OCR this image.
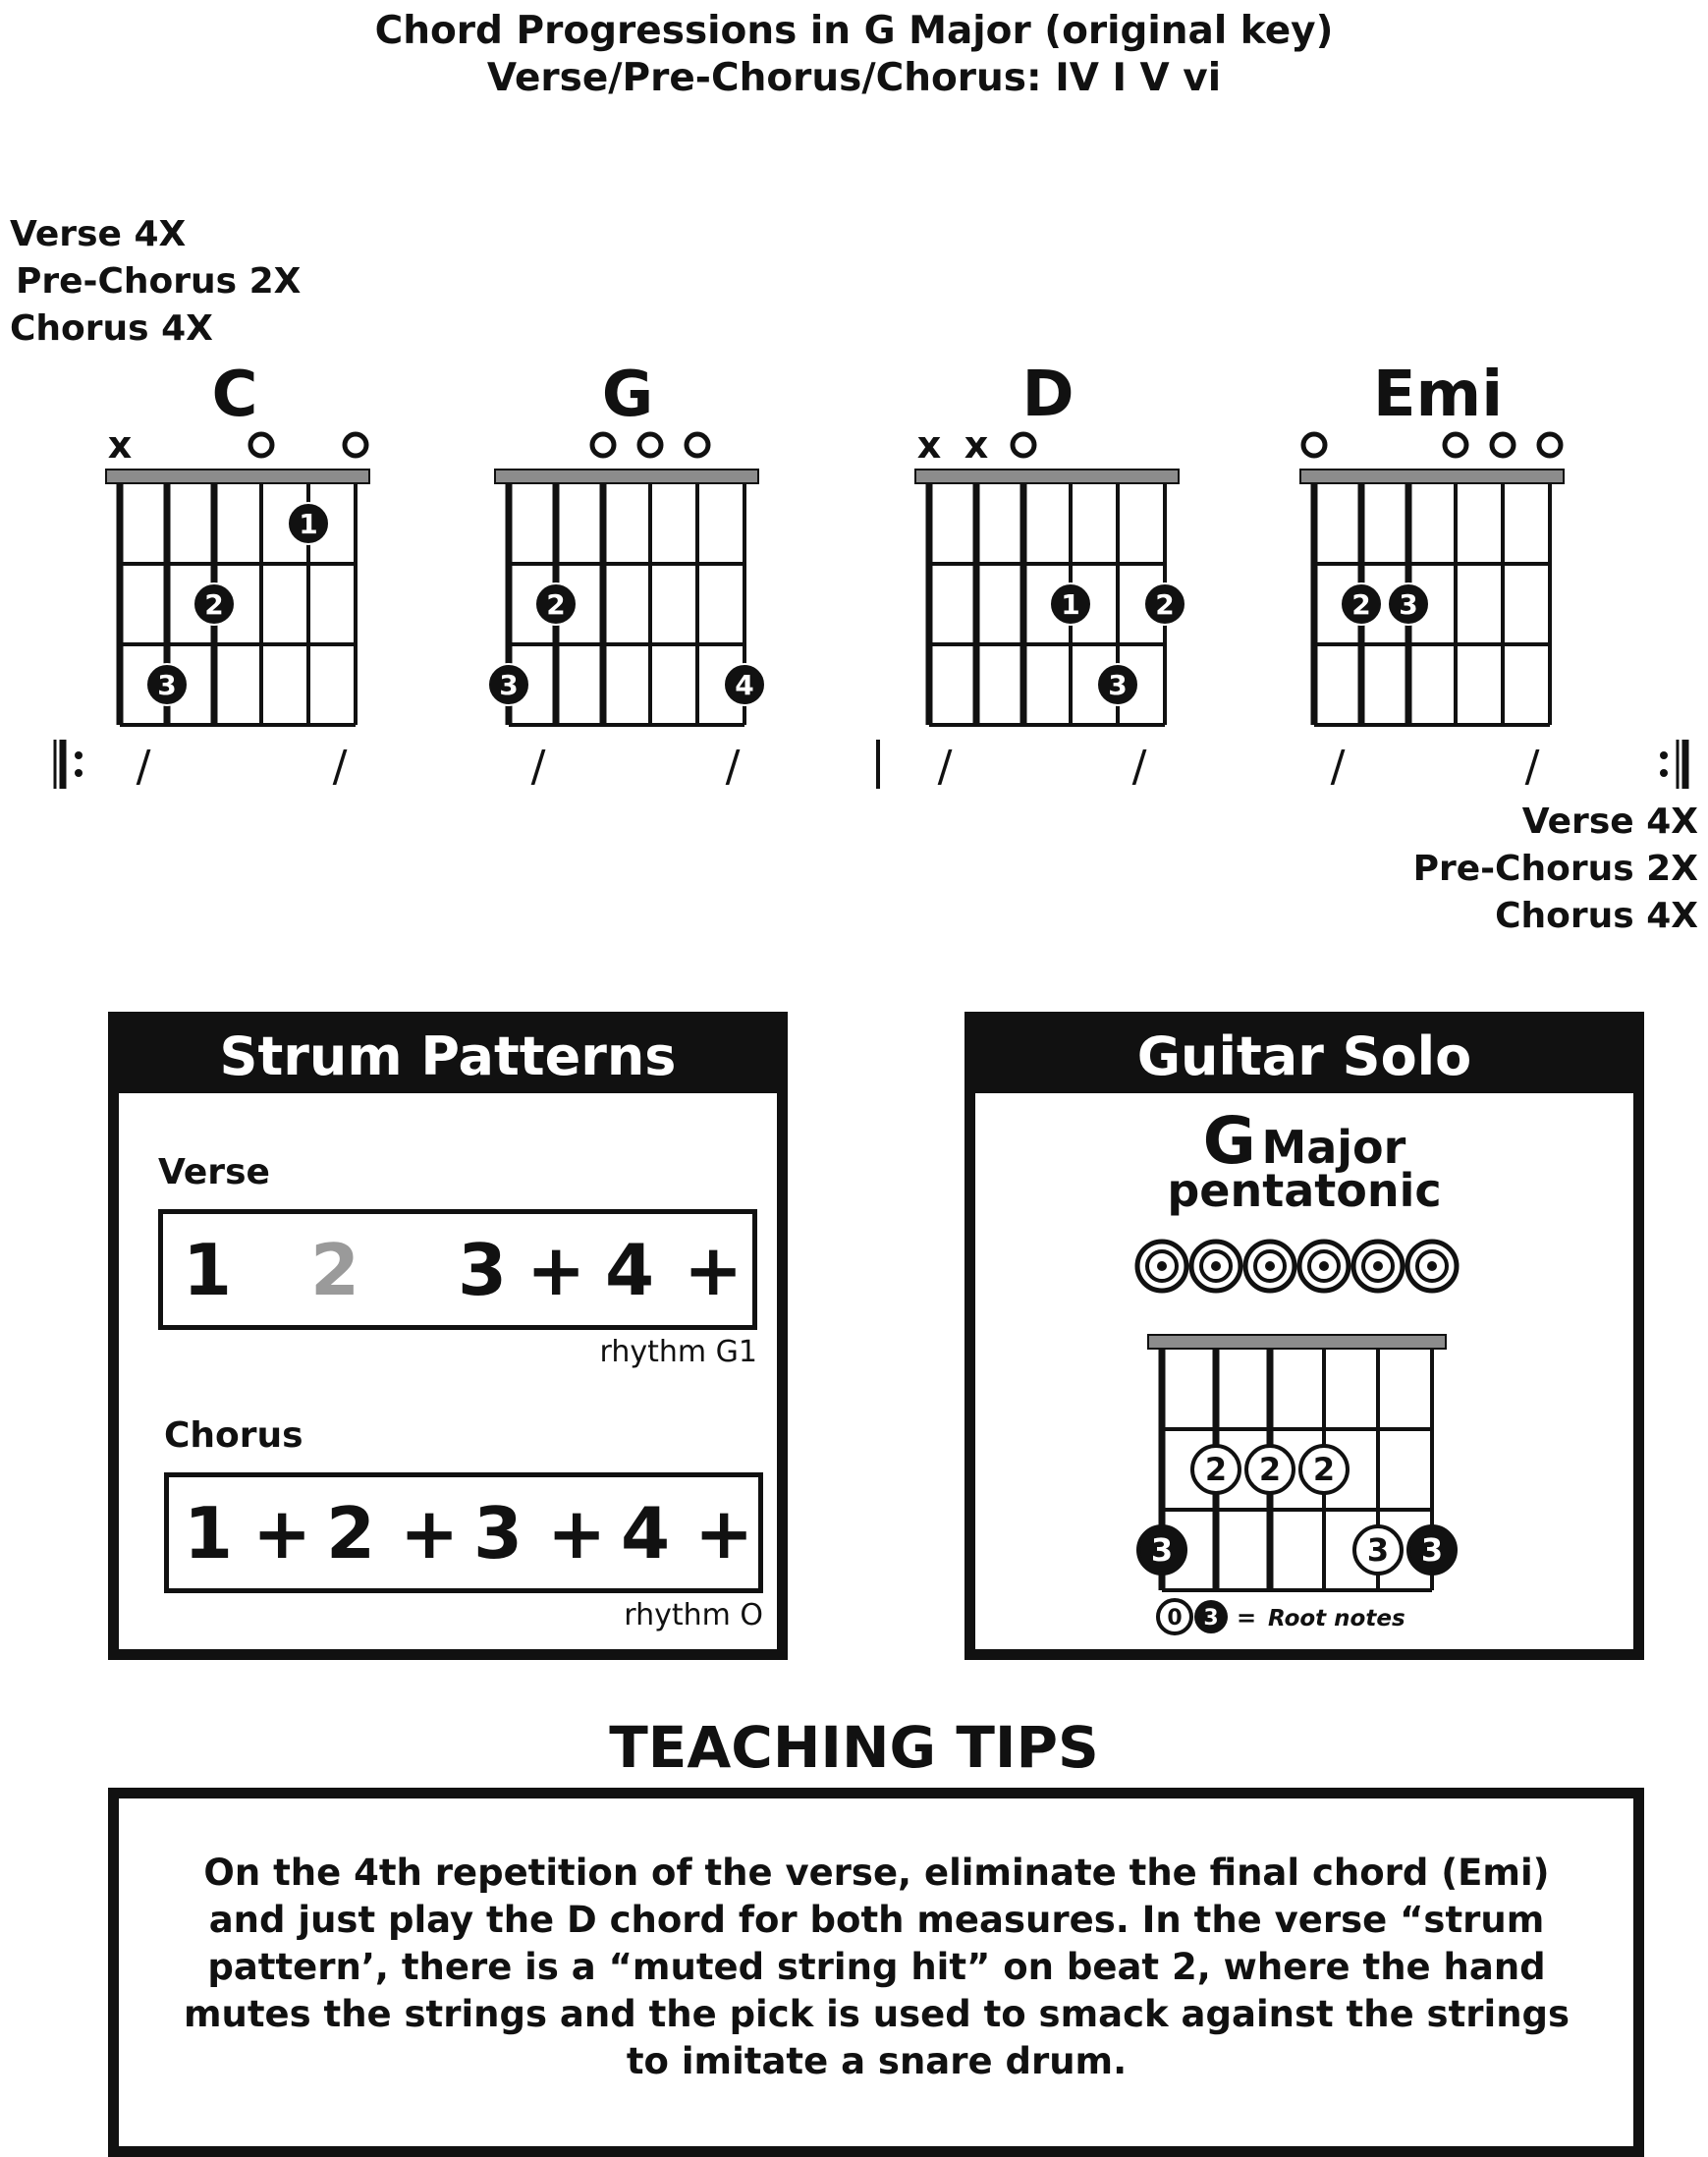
Chord Progressions in G Major (original key)
Verse/Pre-Chorus/Chorus: IV I V vi
Verse 4X
Pre-Chorus 2X
Chorus 4X
C	G	D	Emi
x
3
2
1
3
2
4
x x
1
3
2	2 3
/	/	/	/	/	/	/	/
Verse 4X
Pre-Chorus 2X
Chorus 4X
Strum Patterns
Verse
1 2 3 + 4 +
rhythm G1
Chorus
1 + 2 + 3 + 4 +
rhythm O
Guitar Solo
G Major
pentatonic
3
2 2 2
3 3
0 3 = Root notes
TEACHING TIPS
On the 4th repetition of the verse, eliminate the final chord (Emi) and just play the D chord for both measures. In the verse “strum pattern’, there is a “muted string hit” on beat 2, where the hand mutes the strings and the pick is used to smack against the strings to imitate a snare drum.
